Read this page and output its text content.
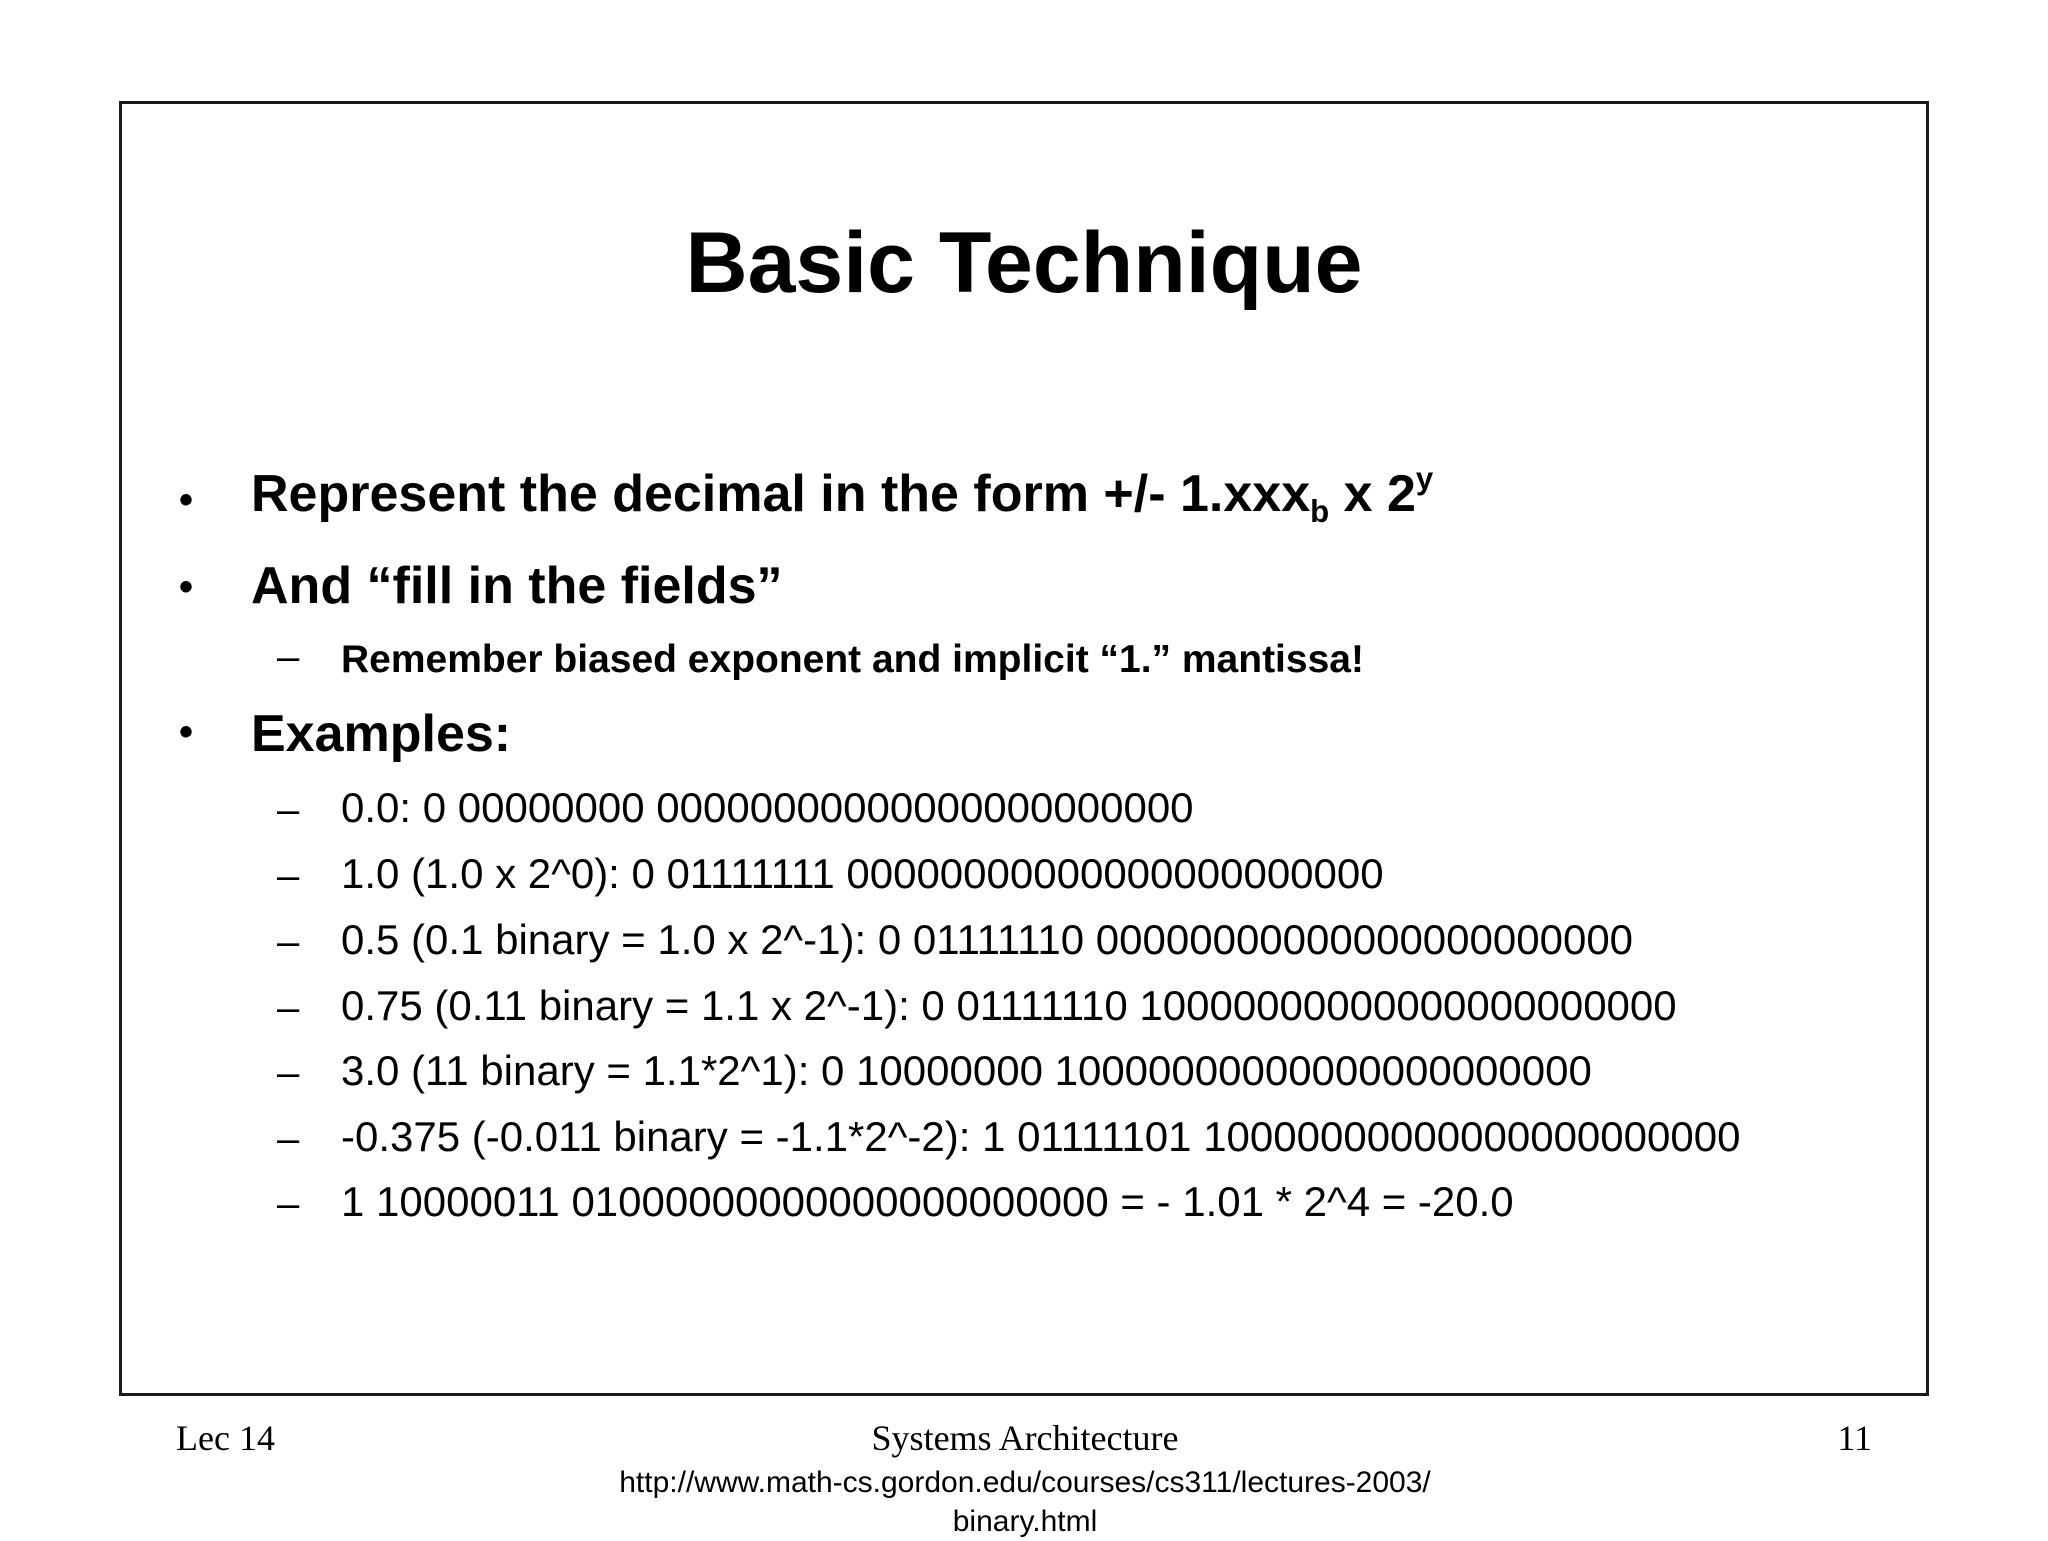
Basic Technique
• Represent the decimal in the form +/- 1.xxx$_b$ x 2$^y$
• And “fill in the fields”
– Remember biased exponent and implicit “1.” mantissa!
• Examples:
– 0.0: 0 00000000 00000000000000000000000
– 1.0 (1.0 x 2^0): 0 01111111 00000000000000000000000
– 0.5 (0.1 binary = 1.0 x 2^-1): 0 01111110 00000000000000000000000
– 0.75 (0.11 binary = 1.1 x 2^-1): 0 01111110 10000000000000000000000
– 3.0 (11 binary = 1.1*2^1): 0 10000000 10000000000000000000000
– -0.375 (-0.011 binary = -1.1*2^-2): 1 01111101 10000000000000000000000
– 1 10000011 01000000000000000000000 = - 1.01 * 2^4 = -20.0
Lec 14	Systems Architecture	11
http://www.math-cs.gordon.edu/courses/cs311/lectures-2003/
binary.html
